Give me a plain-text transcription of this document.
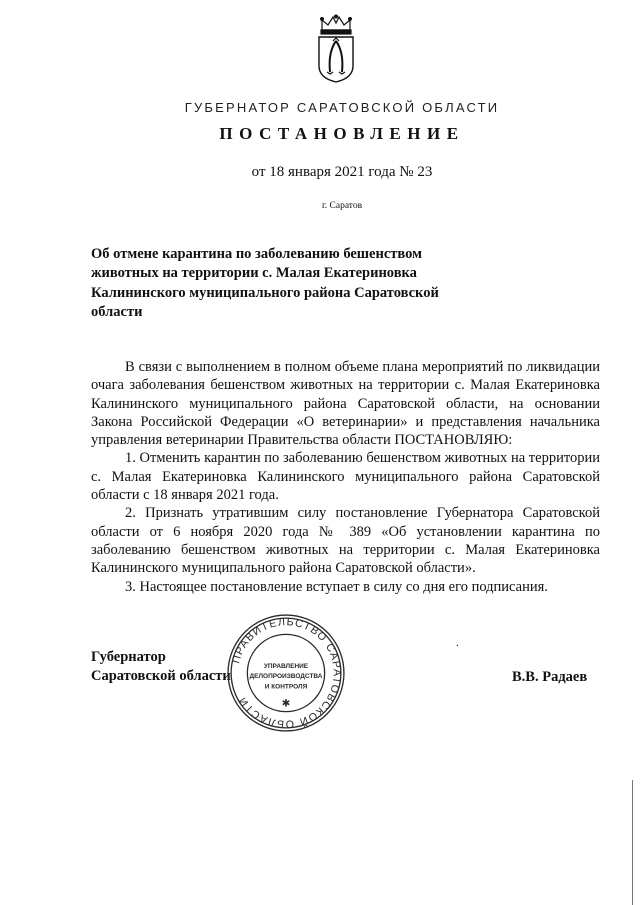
ГУБЕРНАТОР САРАТОВСКОЙ ОБЛАСТИ
ПОСТАНОВЛЕНИЕ
от 18 января 2021 года № 23
г. Саратов
Об отмене карантина по заболеванию бешенством
животных на территории с. Малая Екатериновка
Калининского муниципального района Саратовской
области

В связи с выполнением в полном объеме плана мероприятий по ликвидации очага заболевания бешенством животных на территории с. Малая Екатериновка Калининского муниципального района Саратовской области, на основании Закона Российской Федерации «О ветеринарии» и представления начальника управления ветеринарии Правительства области ПОСТАНОВЛЯЮ:

1. Отменить карантин по заболеванию бешенством животных на территории с. Малая Екатериновка Калининского муниципального района Саратовской области с 18 января 2021 года.

2. Признать утратившим силу постановление Губернатора Саратовской области от 6 ноября 2020 года № 389 «Об установлении карантина по заболеванию бешенством животных на территории с. Малая Екатериновка Калининского муниципального района Саратовской области».

3. Настоящее постановление вступает в силу со дня его подписания.

Губернатор
Саратовской области
ПРАВИТЕЛЬСТВО САРАТОВСКОЙ ОБЛАСТИ
УПРАВЛЕНИЕ
ДЕЛОПРОИЗВОДСТВА
И КОНТРОЛЯ
✱
В.В. Радаев
.
